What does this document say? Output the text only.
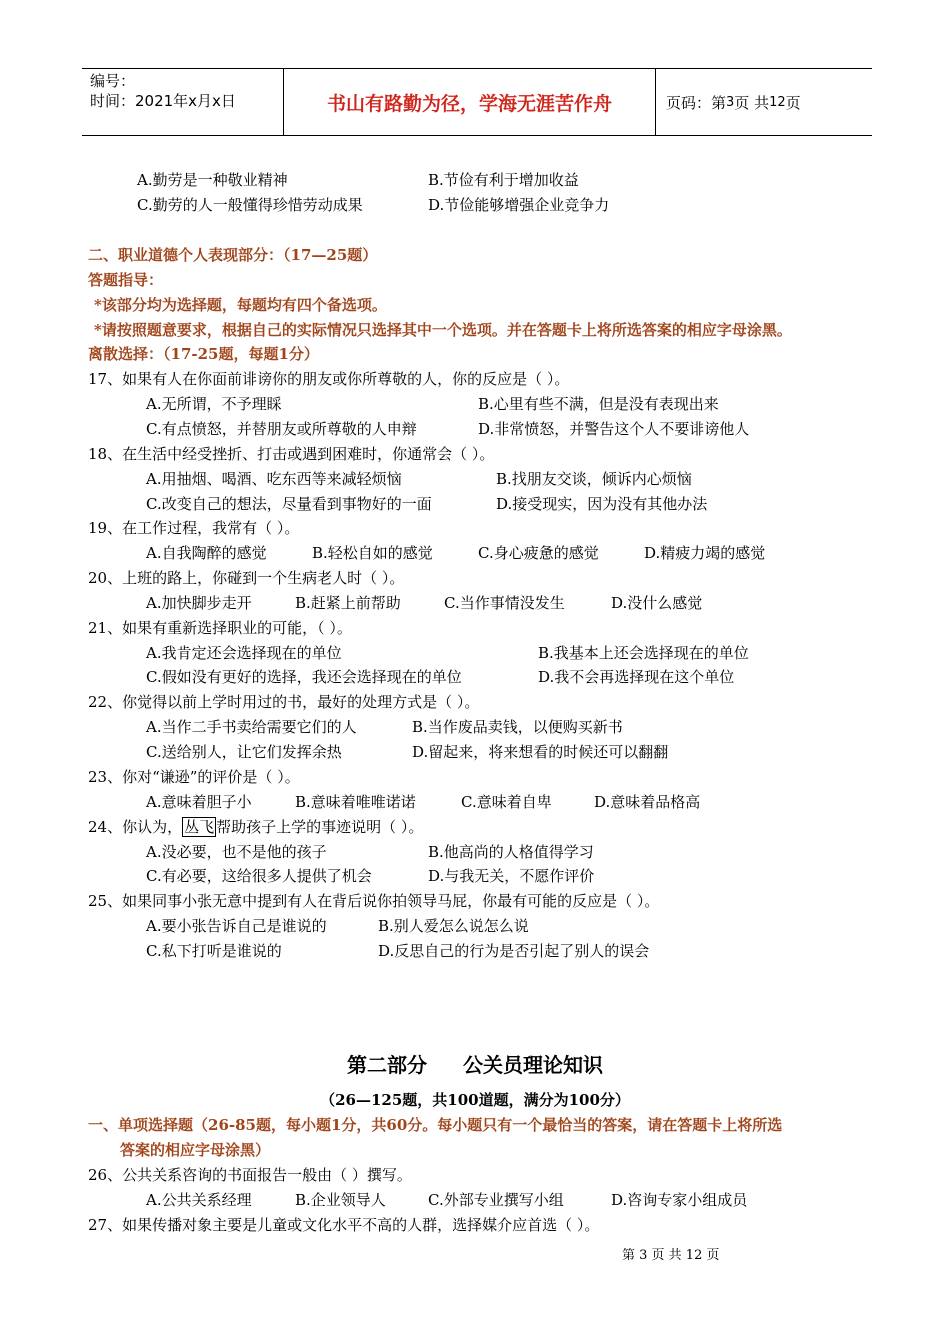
编号：
时间：2021年x月x日	书山有路勤为径，学海无涯苦作舟	页码：第 3 页 共 12 页
A.勤劳是一种敬业精神	B.节俭有利于增加收益
C.勤劳的人一般懂得珍惜劳动成果	D.节俭能够增强企业竞争力
二、职业道德个人表现部分：（17—25题）
答题指导：
*该部分均为选择题，每题均有四个备选项。
*请按照题意要求，根据自己的实际情况只选择其中一个选项。并在答题卡上将所选答案的相应字母涂黑。
离散选择：（17-25题，每题1分）
17、如果有人在你面前诽谤你的朋友或你所尊敬的人，你的反应是（ ）。
A.无所谓，不予理睬	B.心里有些不满，但是没有表现出来
C.有点愤怒，并替朋友或所尊敬的人申辩	D.非常愤怒，并警告这个人不要诽谤他人
18、在生活中经受挫折、打击或遇到困难时，你通常会（ ）。
A.用抽烟、喝酒、吃东西等来减轻烦恼	B.找朋友交谈，倾诉内心烦恼
C.改变自己的想法，尽量看到事物好的一面	D.接受现实，因为没有其他办法
19、在工作过程，我常有（ ）。
A.自我陶醉的感觉	B.轻松自如的感觉	C.身心疲惫的感觉	D.精疲力竭的感觉
20、上班的路上，你碰到一个生病老人时（ ）。
A.加快脚步走开	B.赶紧上前帮助	C.当作事情没发生	D.没什么感觉
21、如果有重新选择职业的可能，（ ）。
A.我肯定还会选择现在的单位	B.我基本上还会选择现在的单位
C.假如没有更好的选择，我还会选择现在的单位	D.我不会再选择现在这个单位
22、你觉得以前上学时用过的书，最好的处理方式是（ ）。
A.当作二手书卖给需要它们的人	B.当作废品卖钱，以便购买新书
C.送给别人，让它们发挥余热	D.留起来，将来想看的时候还可以翻翻
23、你对“谦逊”的评价是（ ）。
A.意味着胆子小	B.意味着唯唯诺诺	C.意味着自卑	D.意味着品格高
24、你认为， 丛飞 帮助孩子上学的事迹说明（ ）。
A.没必要，也不是他的孩子	B.他高尚的人格值得学习
C.有必要，这给很多人提供了机会	D.与我无关，不愿作评价
25、如果同事小张无意中提到有人在背后说你拍领导马屁，你最有可能的反应是（ ）。
A.要小张告诉自己是谁说的	B.别人爱怎么说怎么说
C.私下打听是谁说的	D.反思自己的行为是否引起了别人的误会
第二部分 公关员理论知识
（26—125题，共100道题，满分为100分）
一、单项选择题（26-85题，每小题1分，共60分。每小题只有一个最恰当的答案，请在答题卡上将所选
答案的相应字母涂黑）
26、公共关系咨询的书面报告一般由（ ）撰写。
A.公共关系经理	B.企业领导人	C.外部专业撰写小组	D.咨询专家小组成员
27、如果传播对象主要是儿童或文化水平不高的人群，选择媒介应首选（ ）。
第 3 页 共 12 页
